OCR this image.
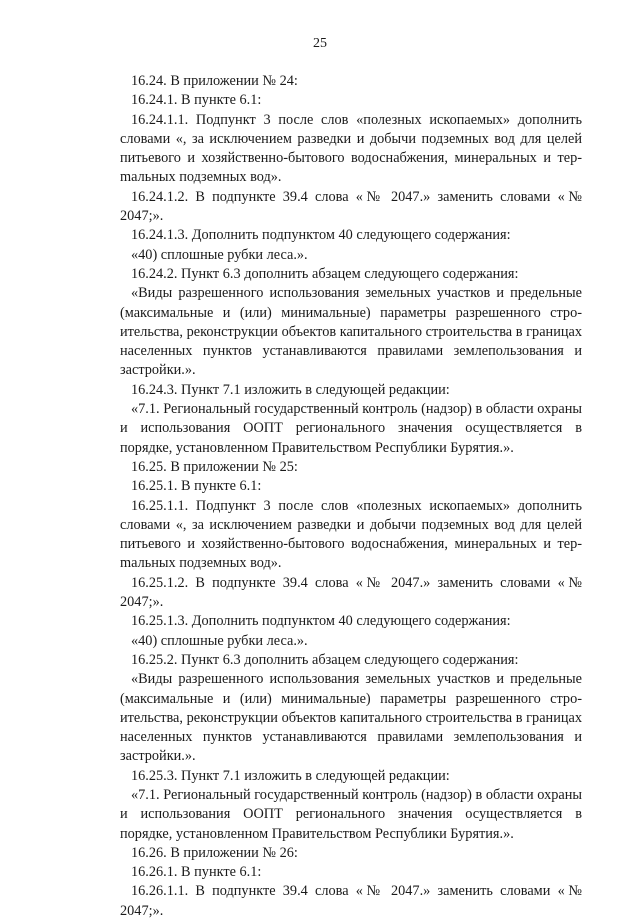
25

16.24. В приложении № 24:

16.24.1. В пункте 6.1:

16.24.1.1. Подпункт 3 после слов «полезных ископаемых» дополнить словами «, за исключением разведки и добычи подземных вод для целей питьевого и хозяйственно-бытового водоснабжения, минеральных и терmальных подземных вод».

16.24.1.2. В подпункте 39.4 слова «№ 2047.» заменить словами «№ 2047;».

16.24.1.3. Дополнить подпунктом 40 следующего содержания:

«40) сплошные рубки леса.».

16.24.2. Пункт 6.3 дополнить абзацем следующего содержания:

«Виды разрешенного использования земельных участков и предельные (максимальные и (или) минимальные) параметры разрешенного строительства, реконструкции объектов капитального строительства в границах населенных пунктов устанавливаются правилами землепользования и застройки.».

16.24.3. Пункт 7.1 изложить в следующей редакции:

«7.1. Региональный государственный контроль (надзор) в области охраны и использования ООПТ регионального значения осуществляется в порядке, установленном Правительством Республики Бурятия.».

16.25. В приложении № 25:

16.25.1. В пункте 6.1:

16.25.1.1. Подпункт 3 после слов «полезных ископаемых» дополнить словами «, за исключением разведки и добычи подземных вод для целей питьевого и хозяйственно-бытового водоснабжения, минеральных и терmальных подземных вод».

16.25.1.2. В подпункте 39.4 слова «№ 2047.» заменить словами «№ 2047;».

16.25.1.3. Дополнить подпунктом 40 следующего содержания:

«40) сплошные рубки леса.».

16.25.2. Пункт 6.3 дополнить абзацем следующего содержания:

«Виды разрешенного использования земельных участков и предельные (максимальные и (или) минимальные) параметры разрешенного строительства, реконструкции объектов капитального строительства в границах населенных пунктов устанавливаются правилами землепользования и застройки.».

16.25.3. Пункт 7.1 изложить в следующей редакции:

«7.1. Региональный государственный контроль (надзор) в области охраны и использования ООПТ регионального значения осуществляется в порядке, установленном Правительством Республики Бурятия.».

16.26. В приложении № 26:

16.26.1. В пункте 6.1:

16.26.1.1. В подпункте 39.4 слова «№ 2047.» заменить словами «№ 2047;».
